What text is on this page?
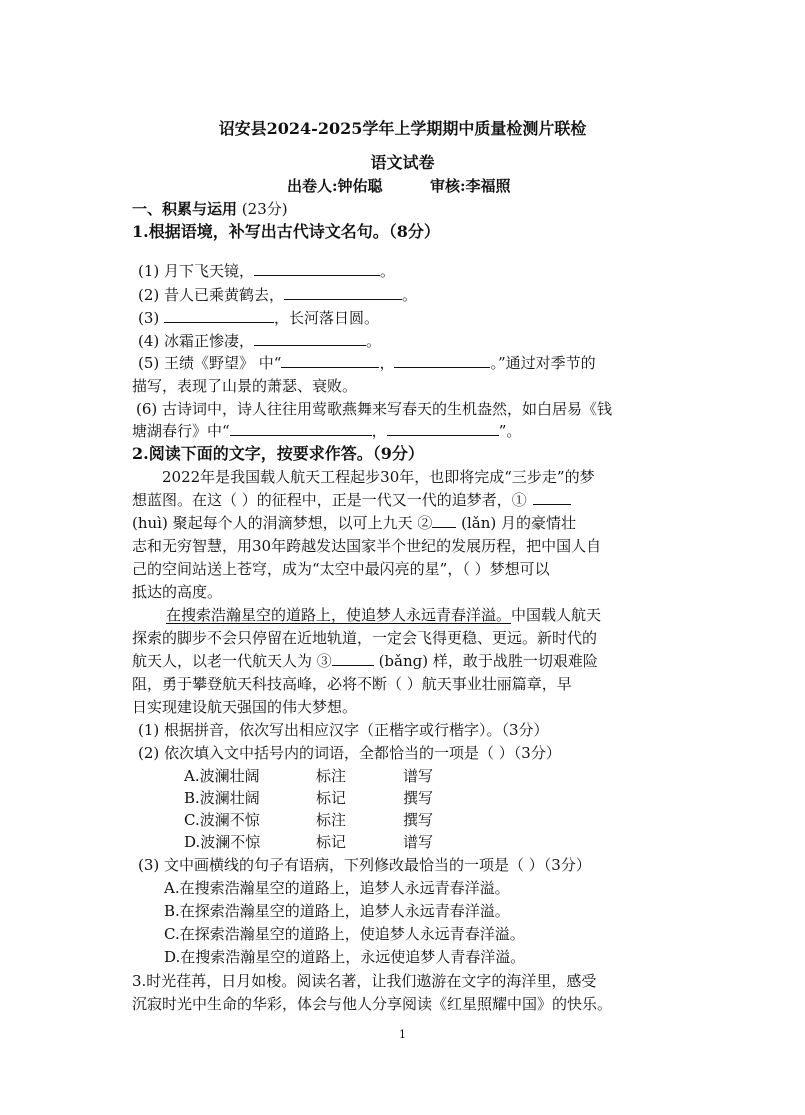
诏安县2024-2025学年上学期期中质量检测片联检
语文试卷
出卷人:钟佑聪	审核:李福照
一、积累与运用 (23分)
1.根据语境，补写出古代诗文名句。（8分）
(1) 月下飞天镜，	。
(2) 昔人已乘黄鹤去，	。
(3)	，长河落日圆。
(4) 冰霜正惨凄，	。
(5) 王绩《野望》 中“	，	。”通过对季节的
描写，表现了山景的萧瑟、衰败。
(6) 古诗词中，诗人往往用莺歌燕舞来写春天的生机盎然，如白居易《钱
塘湖春行》中“	，	”。
2.阅读下面的文字，按要求作答。（9分）
2022年是我国载人航天工程起步30年，也即将完成“三步走”的梦
想蓝图。在这（ ）的征程中，正是一代又一代的追梦者，①
(huì) 聚起每个人的涓滴梦想，以可上九天 ② (lǎn) 月的豪情壮
志和无穷智慧，用30年跨越发达国家半个世纪的发展历程，把中国人自
己的空间站送上苍穹，成为“太空中最闪亮的星”，（ ）梦想可以
抵达的高度。
在搜索浩瀚星空的道路上，使追梦人永远青春洋溢。中国载人航天
探索的脚步不会只停留在近地轨道，一定会飞得更稳、更远。新时代的
航天人，以老一代航天人为 ③	(bǎnɡ) 样，敢于战胜一切艰难险
阻，勇于攀登航天科技高峰，必将不断（ ）航天事业壮丽篇章，早
日实现建设航天强国的伟大梦想。
(1) 根据拼音，依次写出相应汉字（正楷字或行楷字）。（3分）
(2) 依次填入文中括号内的词语，全都恰当的一项是（ ）（3分）
A.波澜壮阔	标注	谱写
B.波澜壮阔	标记	撰写
C.波澜不惊	标注	撰写
D.波澜不惊	标记	谱写
(3) 文中画横线的句子有语病，下列修改最恰当的一项是（ ）（3分）
A.在搜索浩瀚星空的道路上，追梦人永远青春洋溢。
B.在探索浩瀚星空的道路上，追梦人永远青春洋溢。
C.在探索浩瀚星空的道路上，使追梦人永远青春洋溢。
D.在搜索浩瀚星空的道路上，永远使追梦人青春洋溢。
3.时光荏苒，日月如梭。阅读名著，让我们遨游在文字的海洋里，感受
沉寂时光中生命的华彩，体会与他人分享阅读《红星照耀中国》的快乐。
1
